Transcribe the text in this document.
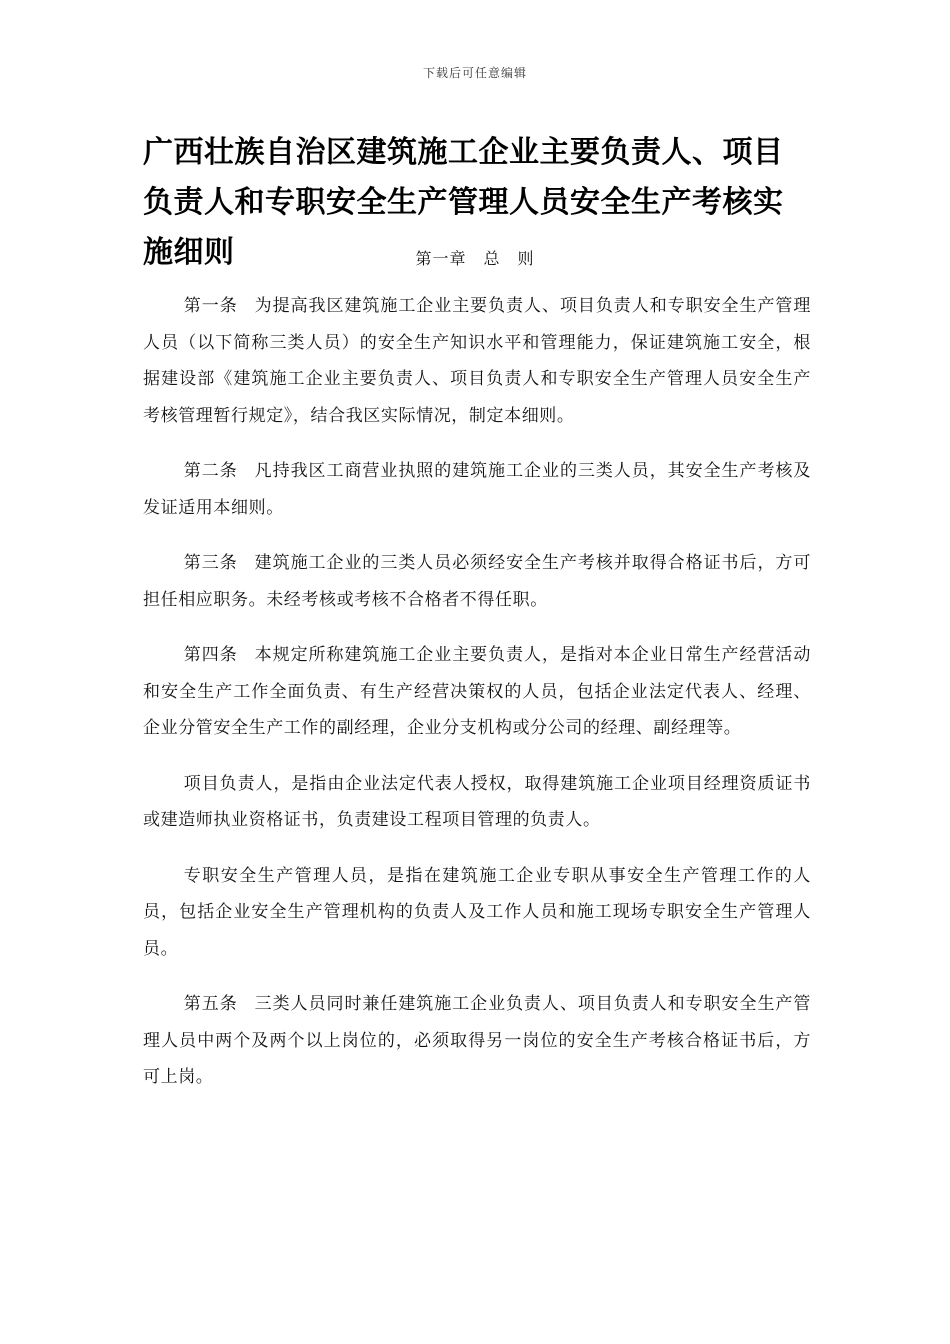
下载后可任意编辑
广西壮族自治区建筑施工企业主要负责人、项目负责人和专职安全生产管理人员安全生产考核实施细则	第一章　总　则

第一条 为提高我区建筑施工企业主要负责人、项目负责人和专职安全生产管理人员（以下简称三类人员）的安全生产知识水平和管理能力，保证建筑施工安全，根据建设部《建筑施工企业主要负责人、项目负责人和专职安全生产管理人员安全生产考核管理暂行规定》，结合我区实际情况，制定本细则。

第二条 凡持我区工商营业执照的建筑施工企业的三类人员，其安全生产考核及发证适用本细则。

第三条 建筑施工企业的三类人员必须经安全生产考核并取得合格证书后，方可担任相应职务。未经考核或考核不合格者不得任职。

第四条 本规定所称建筑施工企业主要负责人，是指对本企业日常生产经营活动和安全生产工作全面负责、有生产经营决策权的人员，包括企业法定代表人、经理、企业分管安全生产工作的副经理，企业分支机构或分公司的经理、副经理等。

项目负责人，是指由企业法定代表人授权，取得建筑施工企业项目经理资质证书或建造师执业资格证书，负责建设工程项目管理的负责人。

专职安全生产管理人员，是指在建筑施工企业专职从事安全生产管理工作的人员，包括企业安全生产管理机构的负责人及工作人员和施工现场专职安全生产管理人员。

第五条 三类人员同时兼任建筑施工企业负责人、项目负责人和专职安全生产管理人员中两个及两个以上岗位的，必须取得另一岗位的安全生产考核合格证书后，方可上岗。
